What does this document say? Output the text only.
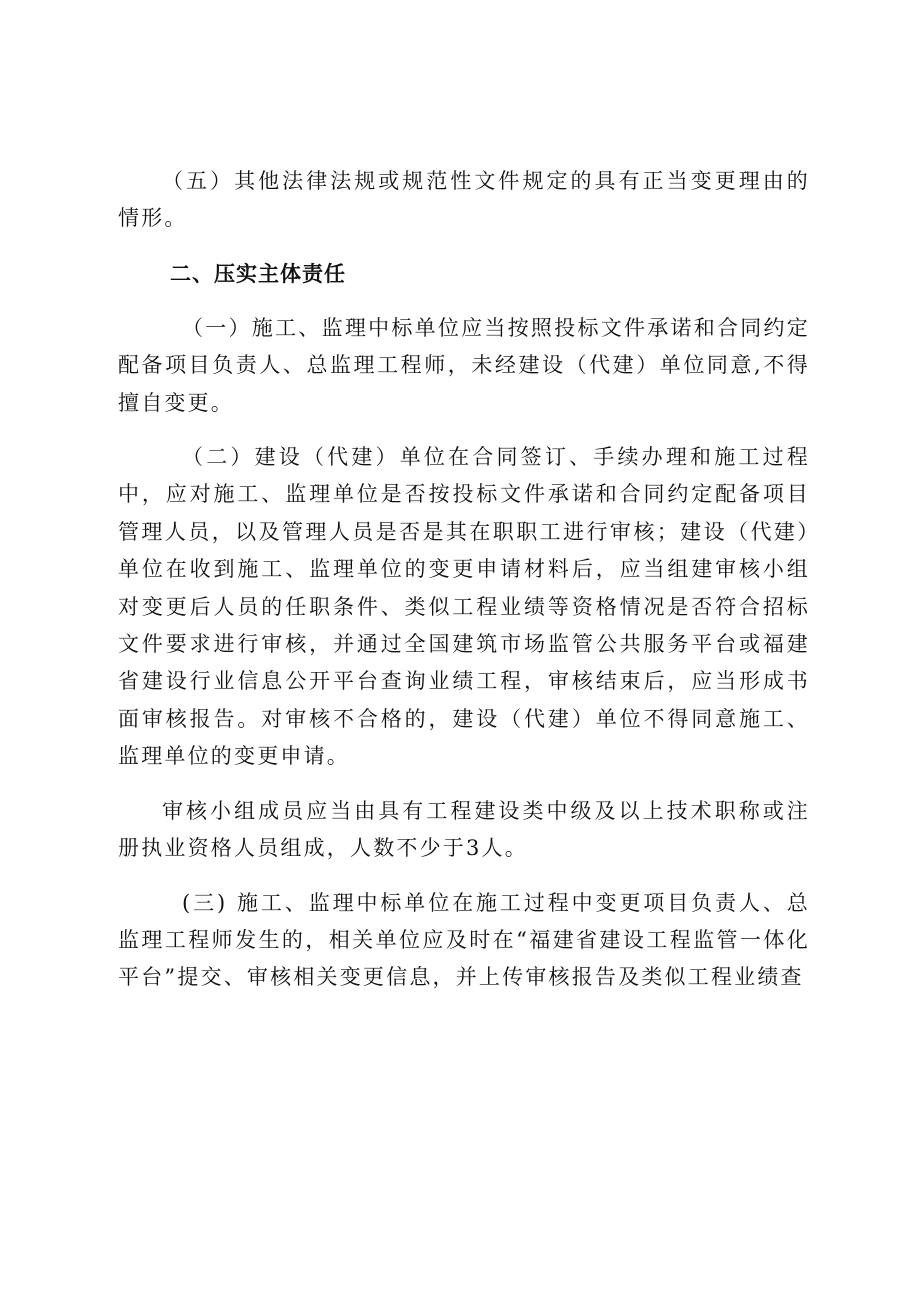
（五）其他法律法规或规范性文件规定的具有正当变更理由的情形。

二、压实主体责任

（一）施工、监理中标单位应当按照投标文件承诺和合同约定配备项目负责人、总监理工程师，未经建设（代建）单位同意,不得擅自变更。

（二）建设（代建）单位在合同签订、手续办理和施工过程中，应对施工、监理单位是否按投标文件承诺和合同约定配备项目管理人员，以及管理人员是否是其在职职工进行审核；建设（代建）单位在收到施工、监理单位的变更申请材料后，应当组建审核小组对变更后人员的任职条件、类似工程业绩等资格情况是否符合招标文件要求进行审核，并通过全国建筑市场监管公共服务平台或福建省建设行业信息公开平台查询业绩工程，审核结束后，应当形成书面审核报告。对审核不合格的，建设（代建）单位不得同意施工、监理单位的变更申请。

审核小组成员应当由具有工程建设类中级及以上技术职称或注册执业资格人员组成，人数不少于3人。

(三) 施工、监理中标单位在施工过程中变更项目负责人、总监理工程师发生的，相关单位应及时在“福建省建设工程监管一体化平台”提交、审核相关变更信息，并上传审核报告及类似工程业绩查
